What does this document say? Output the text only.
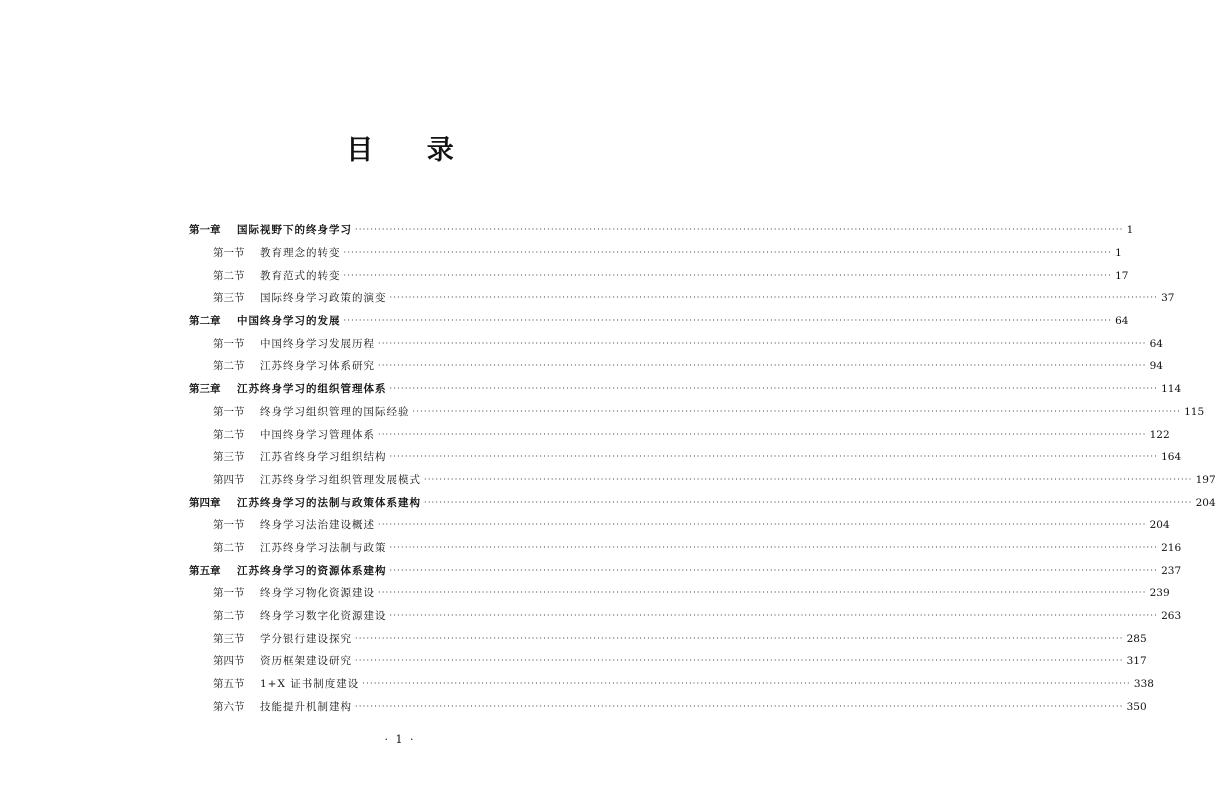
目 录
第一章	国际视野下的终身学习 ········································································································································································································ 1
第一节	教育理念的转变 ········································································································································································································ 1
第二节	教育范式的转变 ········································································································································································································ 17
第三节	国际终身学习政策的演变 ········································································································································································································ 37
第二章	中国终身学习的发展 ········································································································································································································ 64
第一节	中国终身学习发展历程 ········································································································································································································ 64
第二节	江苏终身学习体系研究 ········································································································································································································ 94
第三章	江苏终身学习的组织管理体系 ········································································································································································································ 114
第一节	终身学习组织管理的国际经验 ········································································································································································································ 115
第二节	中国终身学习管理体系 ········································································································································································································ 122
第三节	江苏省终身学习组织结构 ········································································································································································································ 164
第四节	江苏终身学习组织管理发展模式 ········································································································································································································ 197
第四章	江苏终身学习的法制与政策体系建构 ········································································································································································································ 204
第一节	终身学习法治建设概述 ········································································································································································································ 204
第二节	江苏终身学习法制与政策 ········································································································································································································ 216
第五章	江苏终身学习的资源体系建构 ········································································································································································································ 237
第一节	终身学习物化资源建设 ········································································································································································································ 239
第二节	终身学习数字化资源建设 ········································································································································································································ 263
第三节	学分银行建设探究 ········································································································································································································ 285
第四节	资历框架建设研究 ········································································································································································································ 317
第五节	1+X 证书制度建设 ········································································································································································································ 338
第六节	技能提升机制建构 ········································································································································································································ 350
· 1 ·
